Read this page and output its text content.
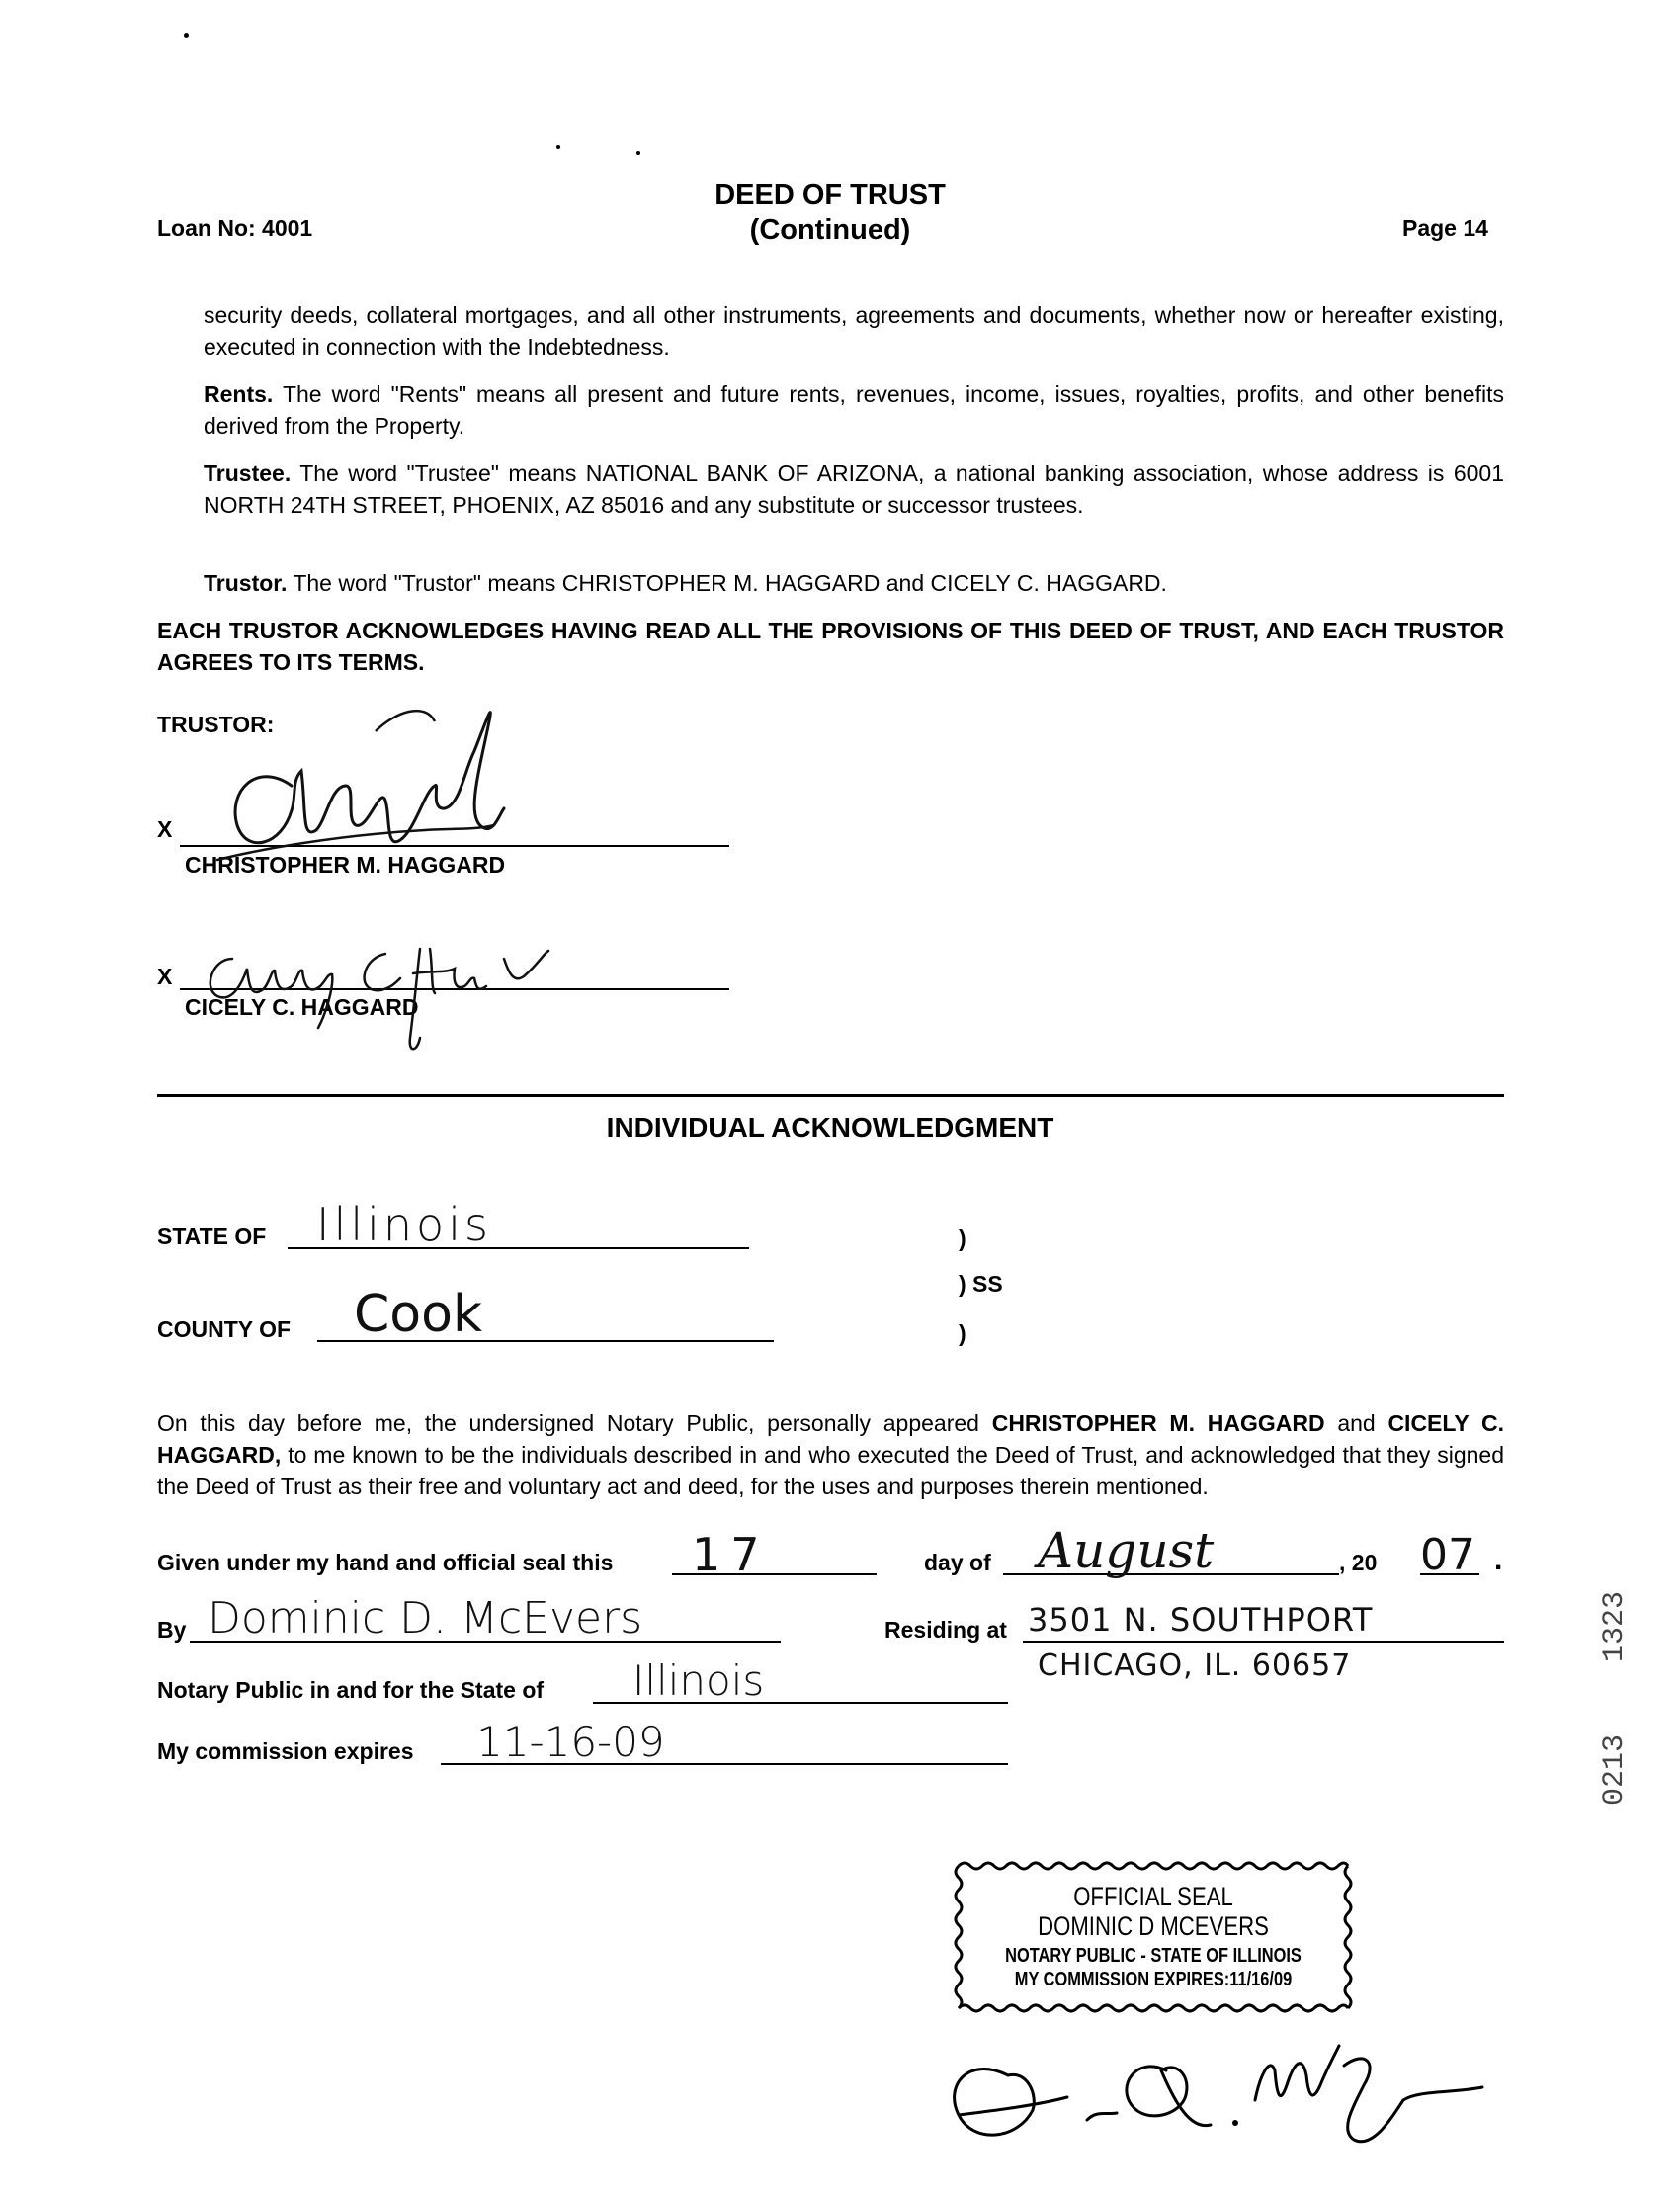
Loan No: 4001
DEED OF TRUST
(Continued)	Page 14
security deeds, collateral mortgages, and all other instruments, agreements and documents, whether now or hereafter existing, executed in connection with the Indebtedness.
Rents. The word "Rents" means all present and future rents, revenues, income, issues, royalties, profits, and other benefits derived from the Property.
Trustee. The word "Trustee" means NATIONAL BANK OF ARIZONA, a national banking association, whose address is 6001 NORTH 24TH STREET, PHOENIX, AZ 85016 and any substitute or successor trustees.
Trustor. The word "Trustor" means CHRISTOPHER M. HAGGARD and CICELY C. HAGGARD.
EACH TRUSTOR ACKNOWLEDGES HAVING READ ALL THE PROVISIONS OF THIS DEED OF TRUST, AND EACH TRUSTOR AGREES TO ITS TERMS.
TRUSTOR:
X
CHRISTOPHER M. HAGGARD
X
CICELY C. HAGGARD
INDIVIDUAL ACKNOWLEDGMENT
STATE OF Illinois
COUNTY OF Cook
)
) SS
)
On this day before me, the undersigned Notary Public, personally appeared CHRISTOPHER M. HAGGARD and CICELY C. HAGGARD, to me known to be the individuals described in and who executed the Deed of Trust, and acknowledged that they signed the Deed of Trust as their free and voluntary act and deed, for the uses and purposes therein mentioned.
Given under my hand and official seal this 17	day of August	, 20 07 .
By Dominic D. McEvers	Residing at 3501 N. SOUTHPORT
CHICAGO, IL. 60657
Notary Public in and for the State of Illinois
My commission expires 11-16-09
1323
0213
OFFICIAL SEAL
DOMINIC D MCEVERS
NOTARY PUBLIC - STATE OF ILLINOIS
MY COMMISSION EXPIRES:11/16/09
